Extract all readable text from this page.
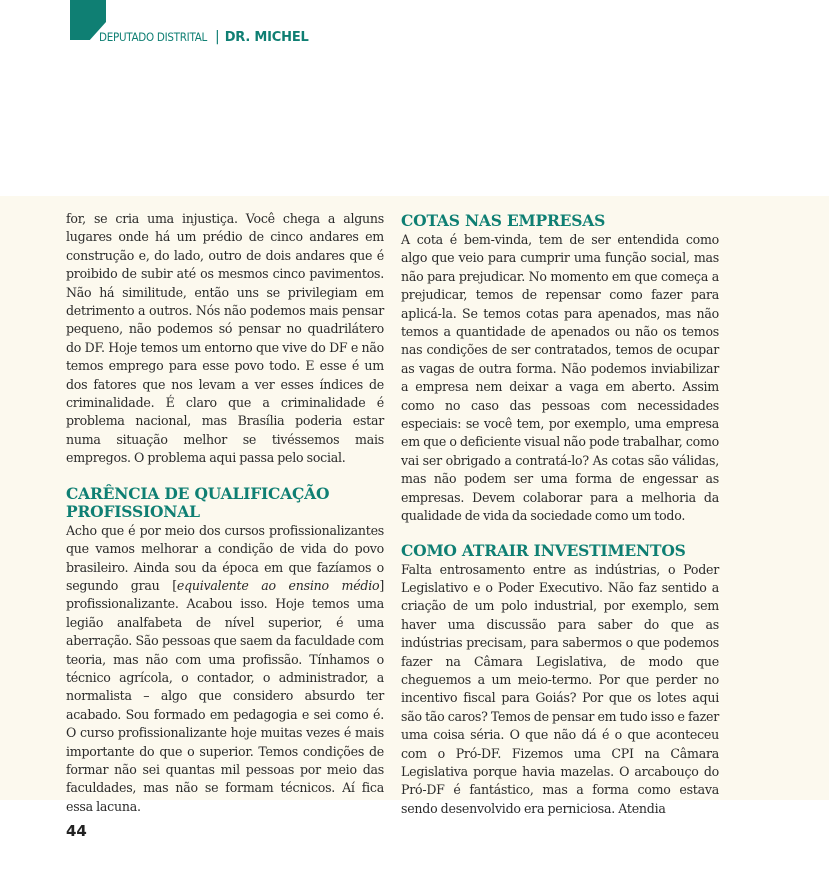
DEPUTADO DISTRITAL | DR. MICHEL

for, se cria uma injustiça. Você chega a alguns lugares onde há um prédio de cinco andares em construção e, do lado, outro de dois andares que é proibido de subir até os mesmos cinco pavimentos. Não há similitude, então uns se privilegiam em detrimento a outros. Nós não podemos mais pensar pequeno, não podemos só pensar no quadrilátero do DF. Hoje temos um entorno que vive do DF e não temos emprego para esse povo todo. E esse é um dos fatores que nos levam a ver esses índices de criminalidade. É claro que a criminalidade é problema nacional, mas Brasília poderia estar numa situação melhor se tivéssemos mais empregos. O problema aqui passa pelo social.

CARÊNCIA DE QUALIFICAÇÃO PROFISSIONAL

Acho que é por meio dos cursos profissionalizantes que vamos melhorar a condição de vida do povo brasileiro. Ainda sou da época em que fazíamos o segundo grau [equivalente ao ensino médio] profissionalizante. Acabou isso. Hoje temos uma legião analfabeta de nível superior, é uma aberração. São pessoas que saem da faculdade com teoria, mas não com uma profissão. Tínhamos o técnico agrícola, o contador, o administrador, a normalista – algo que considero absurdo ter acabado. Sou formado em pedagogia e sei como é. O curso profissionalizante hoje muitas vezes é mais importante do que o superior. Temos condições de formar não sei quantas mil pessoas por meio das faculdades, mas não se formam técnicos. Aí fica essa lacuna.

COTAS NAS EMPRESAS

A cota é bem-vinda, tem de ser entendida como algo que veio para cumprir uma função social, mas não para prejudicar. No momento em que começa a prejudicar, temos de repensar como fazer para aplicá-la. Se temos cotas para apenados, mas não temos a quantidade de apenados ou não os temos nas condições de ser contratados, temos de ocupar as vagas de outra forma. Não podemos inviabilizar a empresa nem deixar a vaga em aberto. Assim como no caso das pessoas com necessidades especiais: se você tem, por exemplo, uma empresa em que o deficiente visual não pode trabalhar, como vai ser obrigado a contratá-lo? As cotas são válidas, mas não podem ser uma forma de engessar as empresas. Devem colaborar para a melhoria da qualidade de vida da sociedade como um todo.

COMO ATRAIR INVESTIMENTOS

Falta entrosamento entre as indústrias, o Poder Legislativo e o Poder Executivo. Não faz sentido a criação de um polo industrial, por exemplo, sem haver uma discussão para saber do que as indústrias precisam, para sabermos o que podemos fazer na Câmara Legislativa, de modo que cheguemos a um meio-termo. Por que perder no incentivo fiscal para Goiás? Por que os lotes aqui são tão caros? Temos de pensar em tudo isso e fazer uma coisa séria. O que não dá é o que aconteceu com o Pró-DF. Fizemos uma CPI na Câmara Legislativa porque havia mazelas. O arcabouço do Pró-DF é fantástico, mas a forma como estava sendo desenvolvido era perniciosa. Atendia

44
